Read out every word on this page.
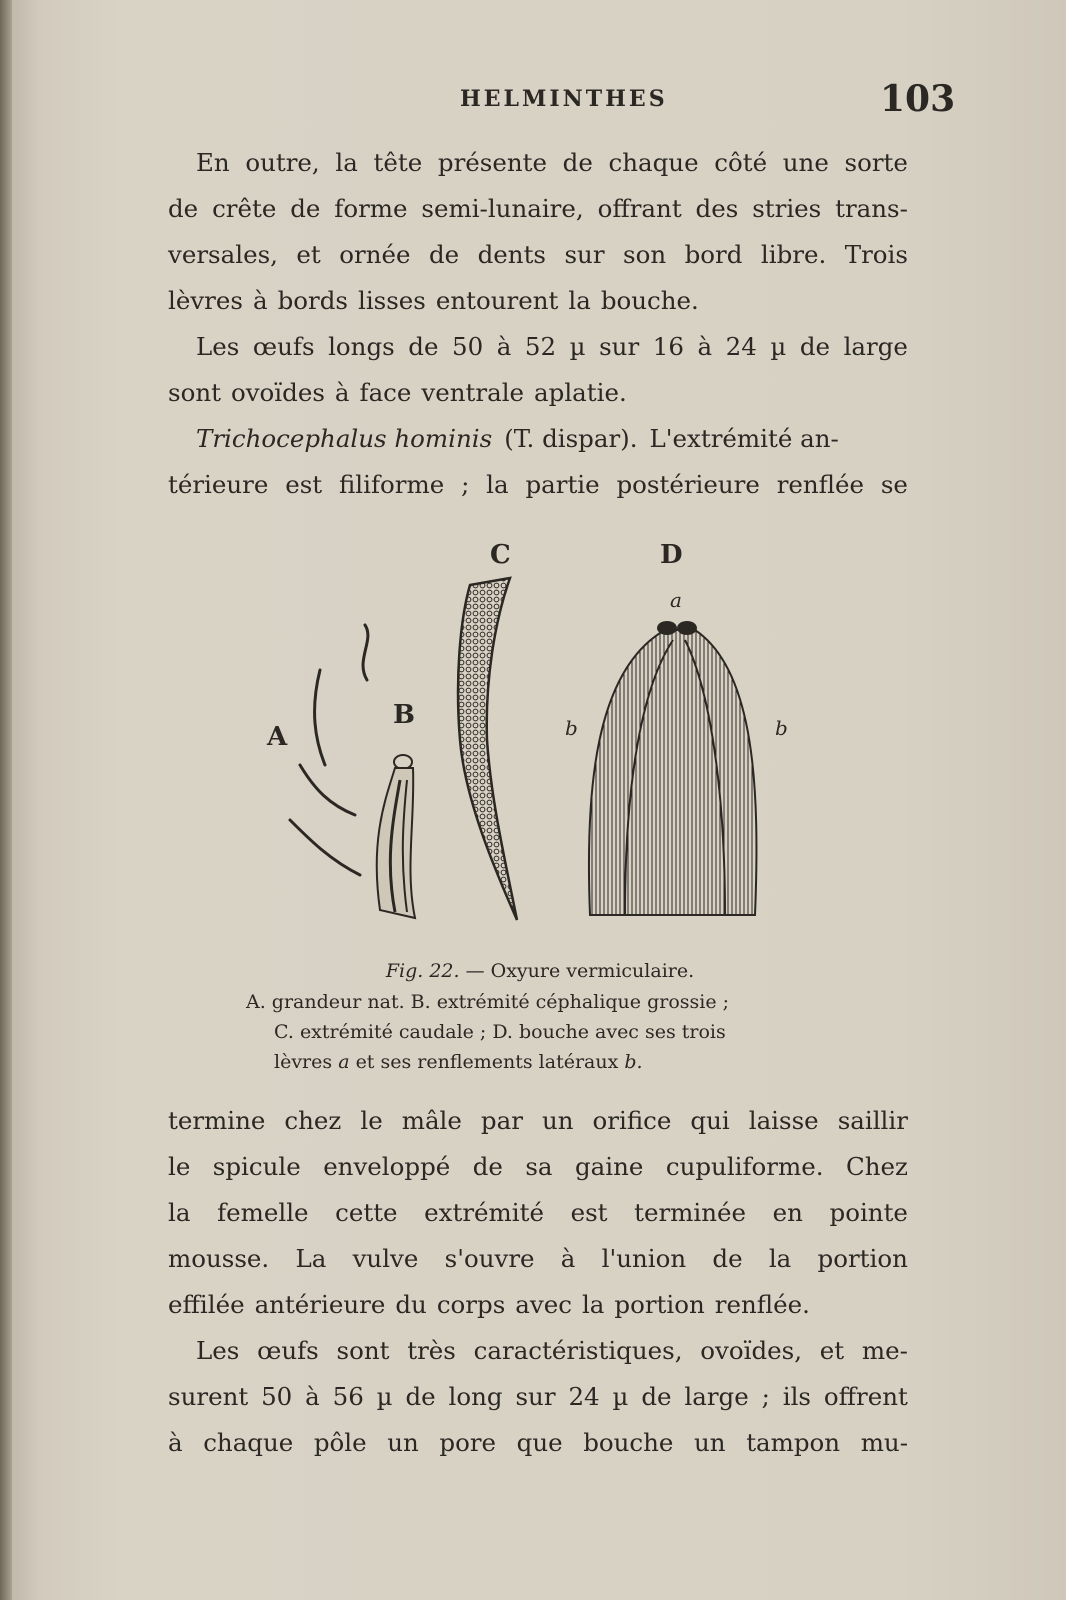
HELMINTHES	103
En outre, la tête présente de chaque côté une sorte
de crête de forme semi-lunaire, offrant des stries trans-
versales, et ornée de dents sur son bord libre. Trois
lèvres à bords lisses entourent la bouche.
Les œufs longs de 50 à 52 µ sur 16 à 24 µ de large
sont ovoïdes à face ventrale aplatie.
Trichocephalus hominis (T. dispar). L'extrémité an-
térieure est filiforme ; la partie postérieure renflée se
A
B
C	D
a
b	b
Fig. 22. — Oxyure vermiculaire.
A. grandeur nat. B. extrémité céphalique grossie ;
C. extrémité caudale ; D. bouche avec ses trois
lèvres a et ses renflements latéraux b.
termine chez le mâle par un orifice qui laisse saillir
le spicule enveloppé de sa gaine cupuliforme. Chez
la femelle cette extrémité est terminée en pointe
mousse. La vulve s'ouvre à l'union de la portion
effilée antérieure du corps avec la portion renflée.
Les œufs sont très caractéristiques, ovoïdes, et me-
surent 50 à 56 µ de long sur 24 µ de large ; ils offrent
à chaque pôle un pore que bouche un tampon mu-
